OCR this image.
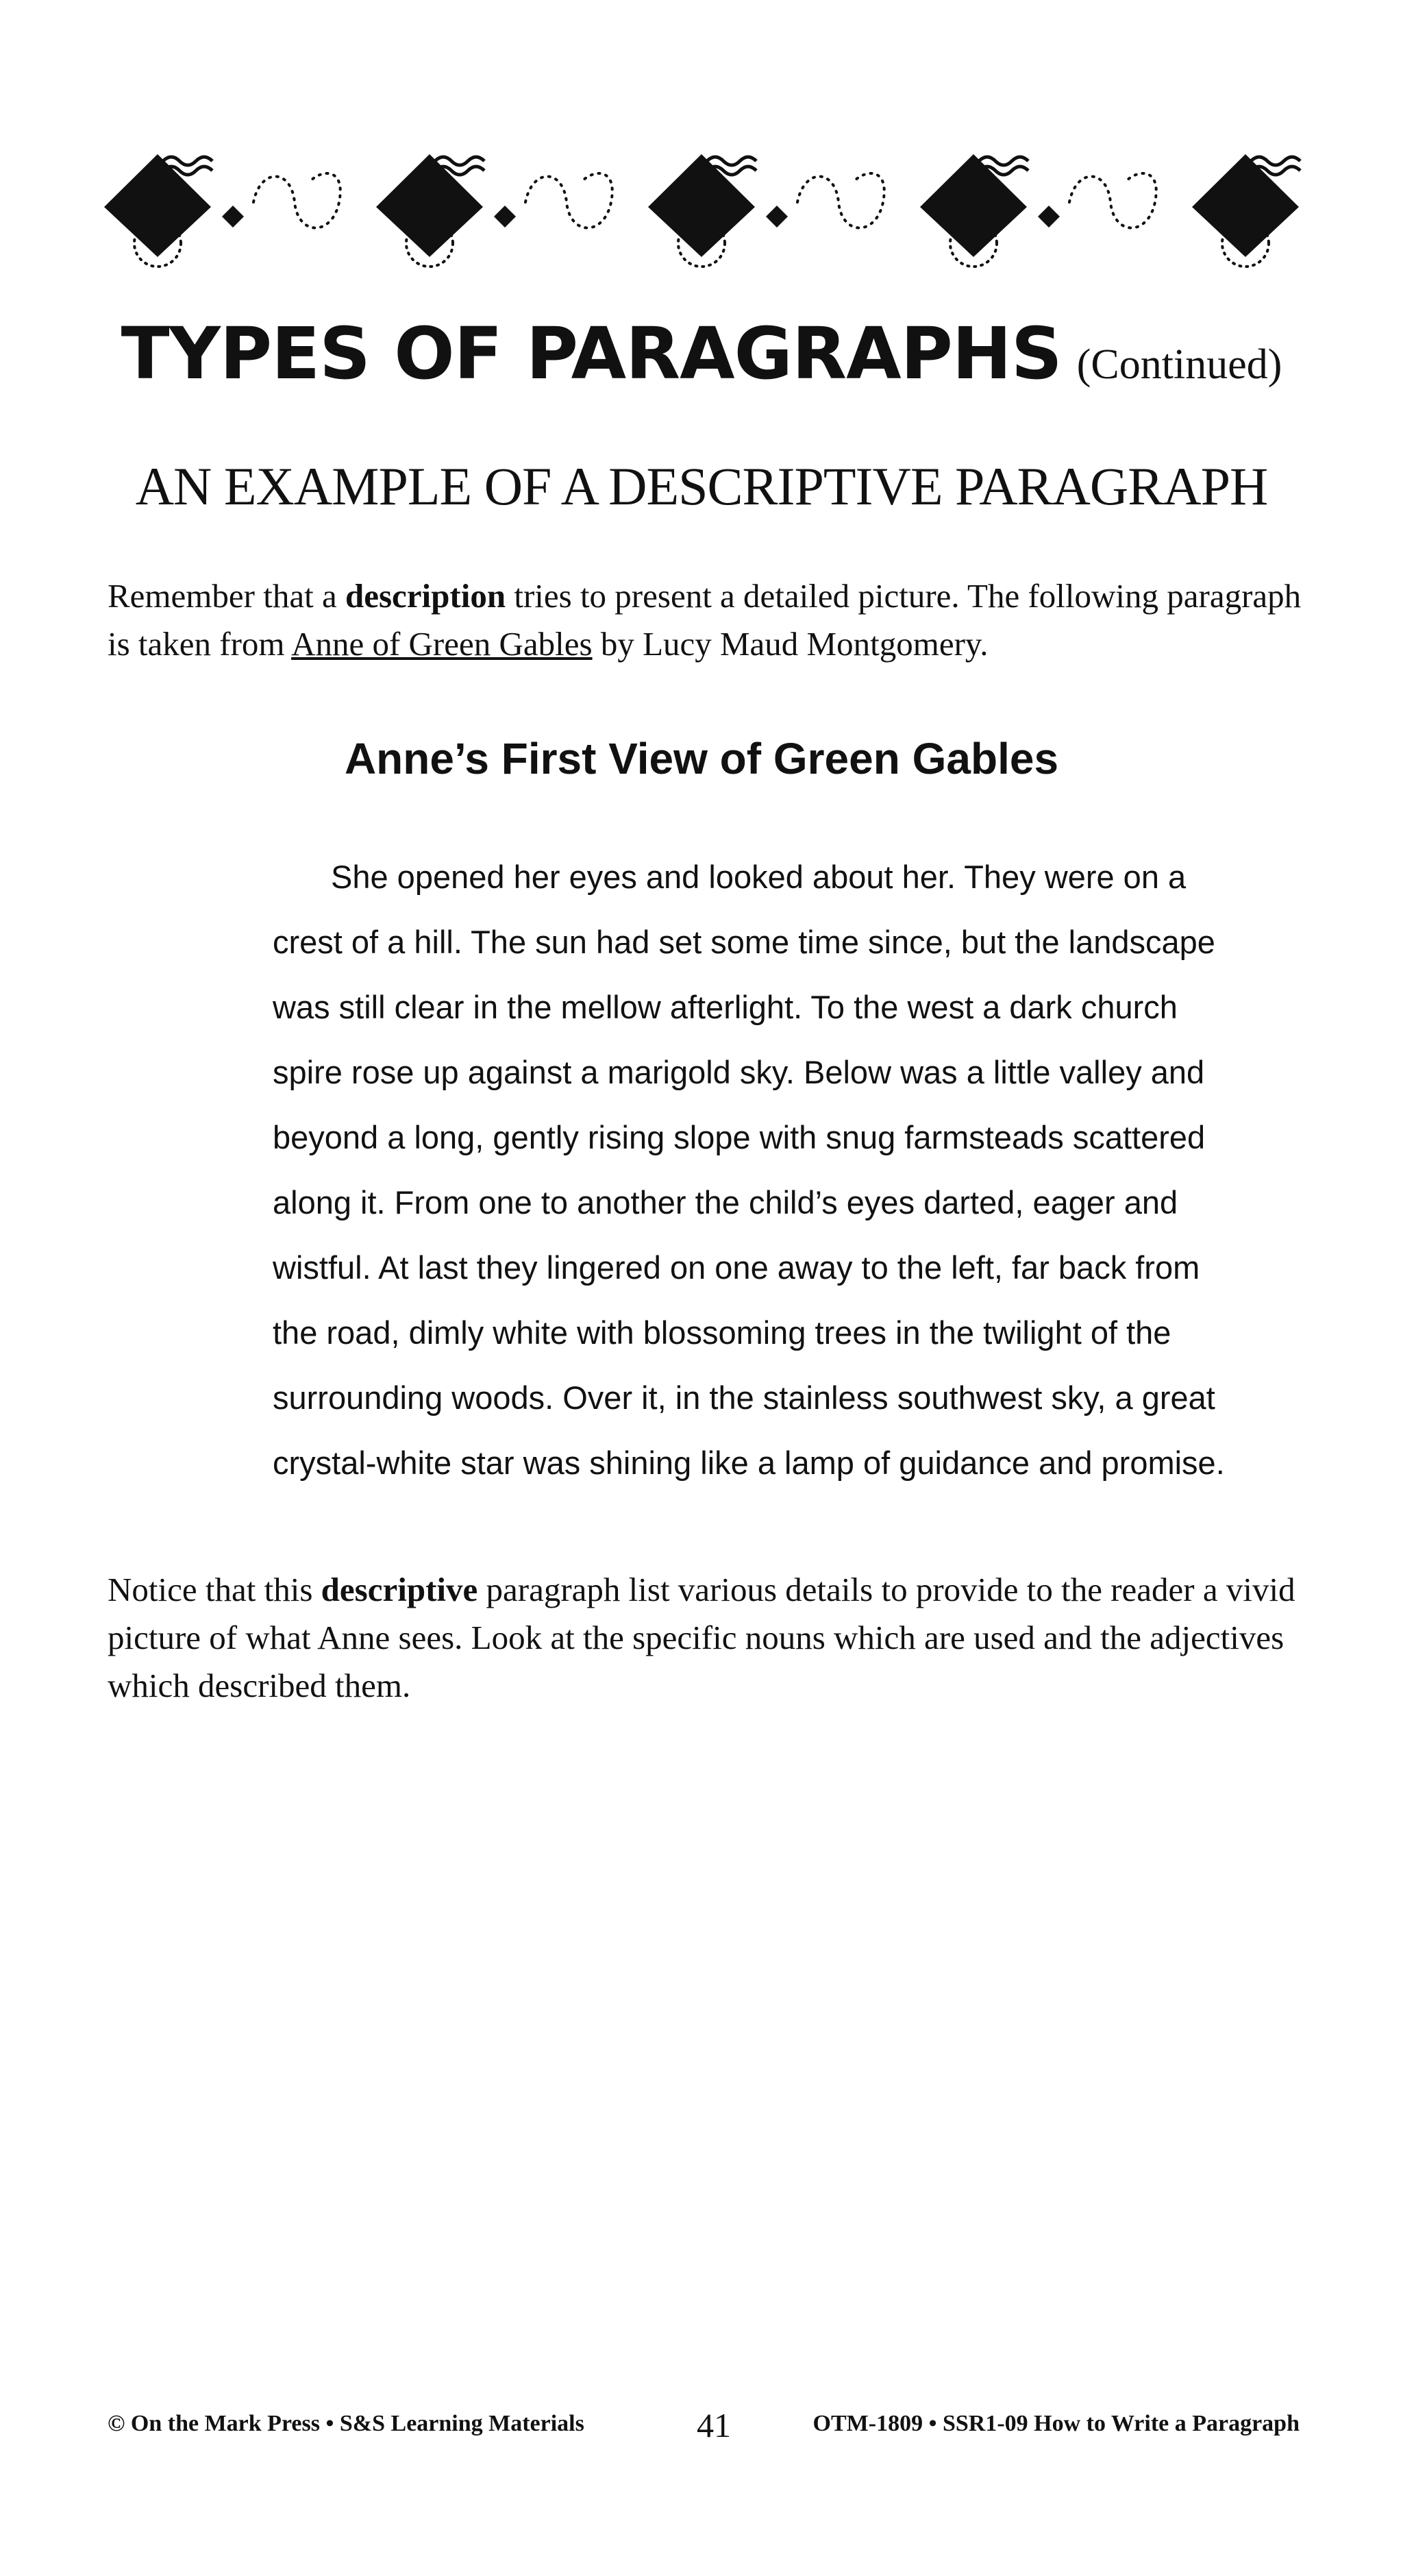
TYPES OF PARAGRAPHS (Continued)
AN EXAMPLE OF A DESCRIPTIVE PARAGRAPH

Remember that a description tries to present a detailed picture. The following paragraph is taken from Anne of Green Gables by Lucy Maud Montgomery.

Anne’s First View of Green Gables
She opened her eyes and looked about her. They were on a
crest of a hill. The sun had set some time since, but the landscape
was still clear in the mellow afterlight. To the west a dark church
spire rose up against a marigold sky. Below was a little valley and
beyond a long, gently rising slope with snug farmsteads scattered
along it. From one to another the child’s eyes darted, eager and
wistful. At last they lingered on one away to the left, far back from
the road, dimly white with blossoming trees in the twilight of the
surrounding woods. Over it, in the stainless southwest sky, a great
crystal-white star was shining like a lamp of guidance and promise.

Notice that this descriptive paragraph list various details to provide to the reader a vivid picture of what Anne sees. Look at the specific nouns which are used and the adjectives which described them.

© On the Mark Press • S&S Learning Materials	41	OTM-1809 • SSR1-09 How to Write a Paragraph
